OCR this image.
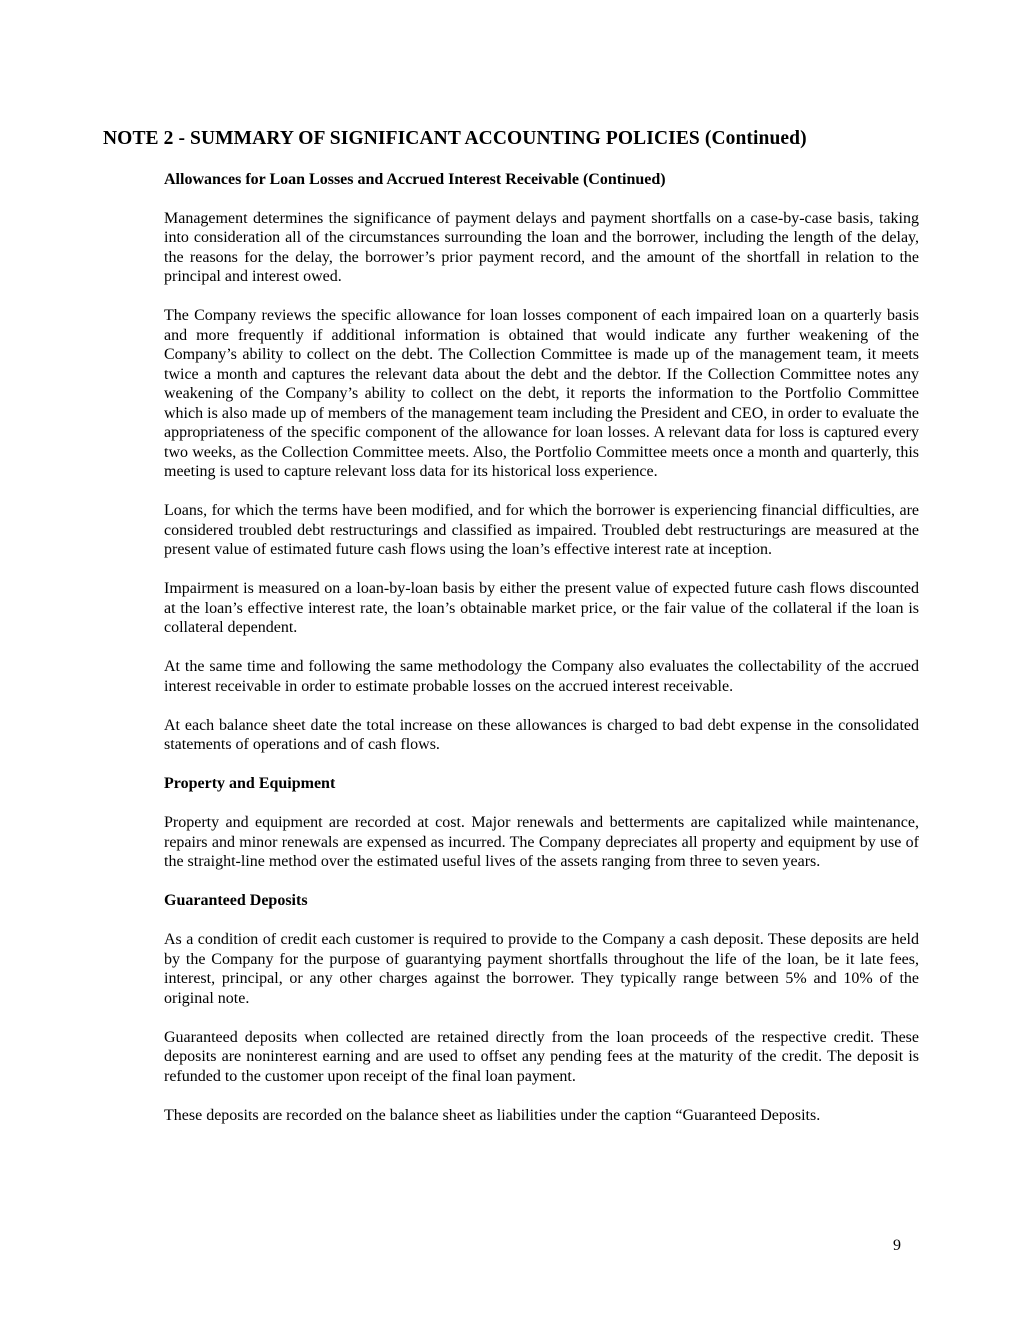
NOTE 2 - SUMMARY OF SIGNIFICANT ACCOUNTING POLICIES (Continued)
Allowances for Loan Losses and Accrued Interest Receivable (Continued)

Management determines the significance of payment delays and payment shortfalls on a case-by-case basis, taking into consideration all of the circumstances surrounding the loan and the borrower, including the length of the delay, the reasons for the delay, the borrower’s prior payment record, and the amount of the shortfall in relation to the principal and interest owed.

The Company reviews the specific allowance for loan losses component of each impaired loan on a quarterly basis and more frequently if additional information is obtained that would indicate any further weakening of the Company’s ability to collect on the debt. The Collection Committee is made up of the management team, it meets twice a month and captures the relevant data about the debt and the debtor. If the Collection Committee notes any weakening of the Company’s ability to collect on the debt, it reports the information to the Portfolio Committee which is also made up of members of the management team including the President and CEO, in order to evaluate the appropriateness of the specific component of the allowance for loan losses. A relevant data for loss is captured every two weeks, as the Collection Committee meets. Also, the Portfolio Committee meets once a month and quarterly, this meeting is used to capture relevant loss data for its historical loss experience.

Loans, for which the terms have been modified, and for which the borrower is experiencing financial difficulties, are considered troubled debt restructurings and classified as impaired. Troubled debt restructurings are measured at the present value of estimated future cash flows using the loan’s effective interest rate at inception.

Impairment is measured on a loan-by-loan basis by either the present value of expected future cash flows discounted at the loan’s effective interest rate, the loan’s obtainable market price, or the fair value of the collateral if the loan is collateral dependent.

At the same time and following the same methodology the Company also evaluates the collectability of the accrued interest receivable in order to estimate probable losses on the accrued interest receivable.

At each balance sheet date the total increase on these allowances is charged to bad debt expense in the consolidated statements of operations and of cash flows.

Property and Equipment

Property and equipment are recorded at cost. Major renewals and betterments are capitalized while maintenance, repairs and minor renewals are expensed as incurred. The Company depreciates all property and equipment by use of the straight-line method over the estimated useful lives of the assets ranging from three to seven years.

Guaranteed Deposits

As a condition of credit each customer is required to provide to the Company a cash deposit. These deposits are held by the Company for the purpose of guarantying payment shortfalls throughout the life of the loan, be it late fees, interest, principal, or any other charges against the borrower. They typically range between 5% and 10% of the original note.

Guaranteed deposits when collected are retained directly from the loan proceeds of the respective credit. These deposits are noninterest earning and are used to offset any pending fees at the maturity of the credit. The deposit is refunded to the customer upon receipt of the final loan payment.

These deposits are recorded on the balance sheet as liabilities under the caption “Guaranteed Deposits.

9
